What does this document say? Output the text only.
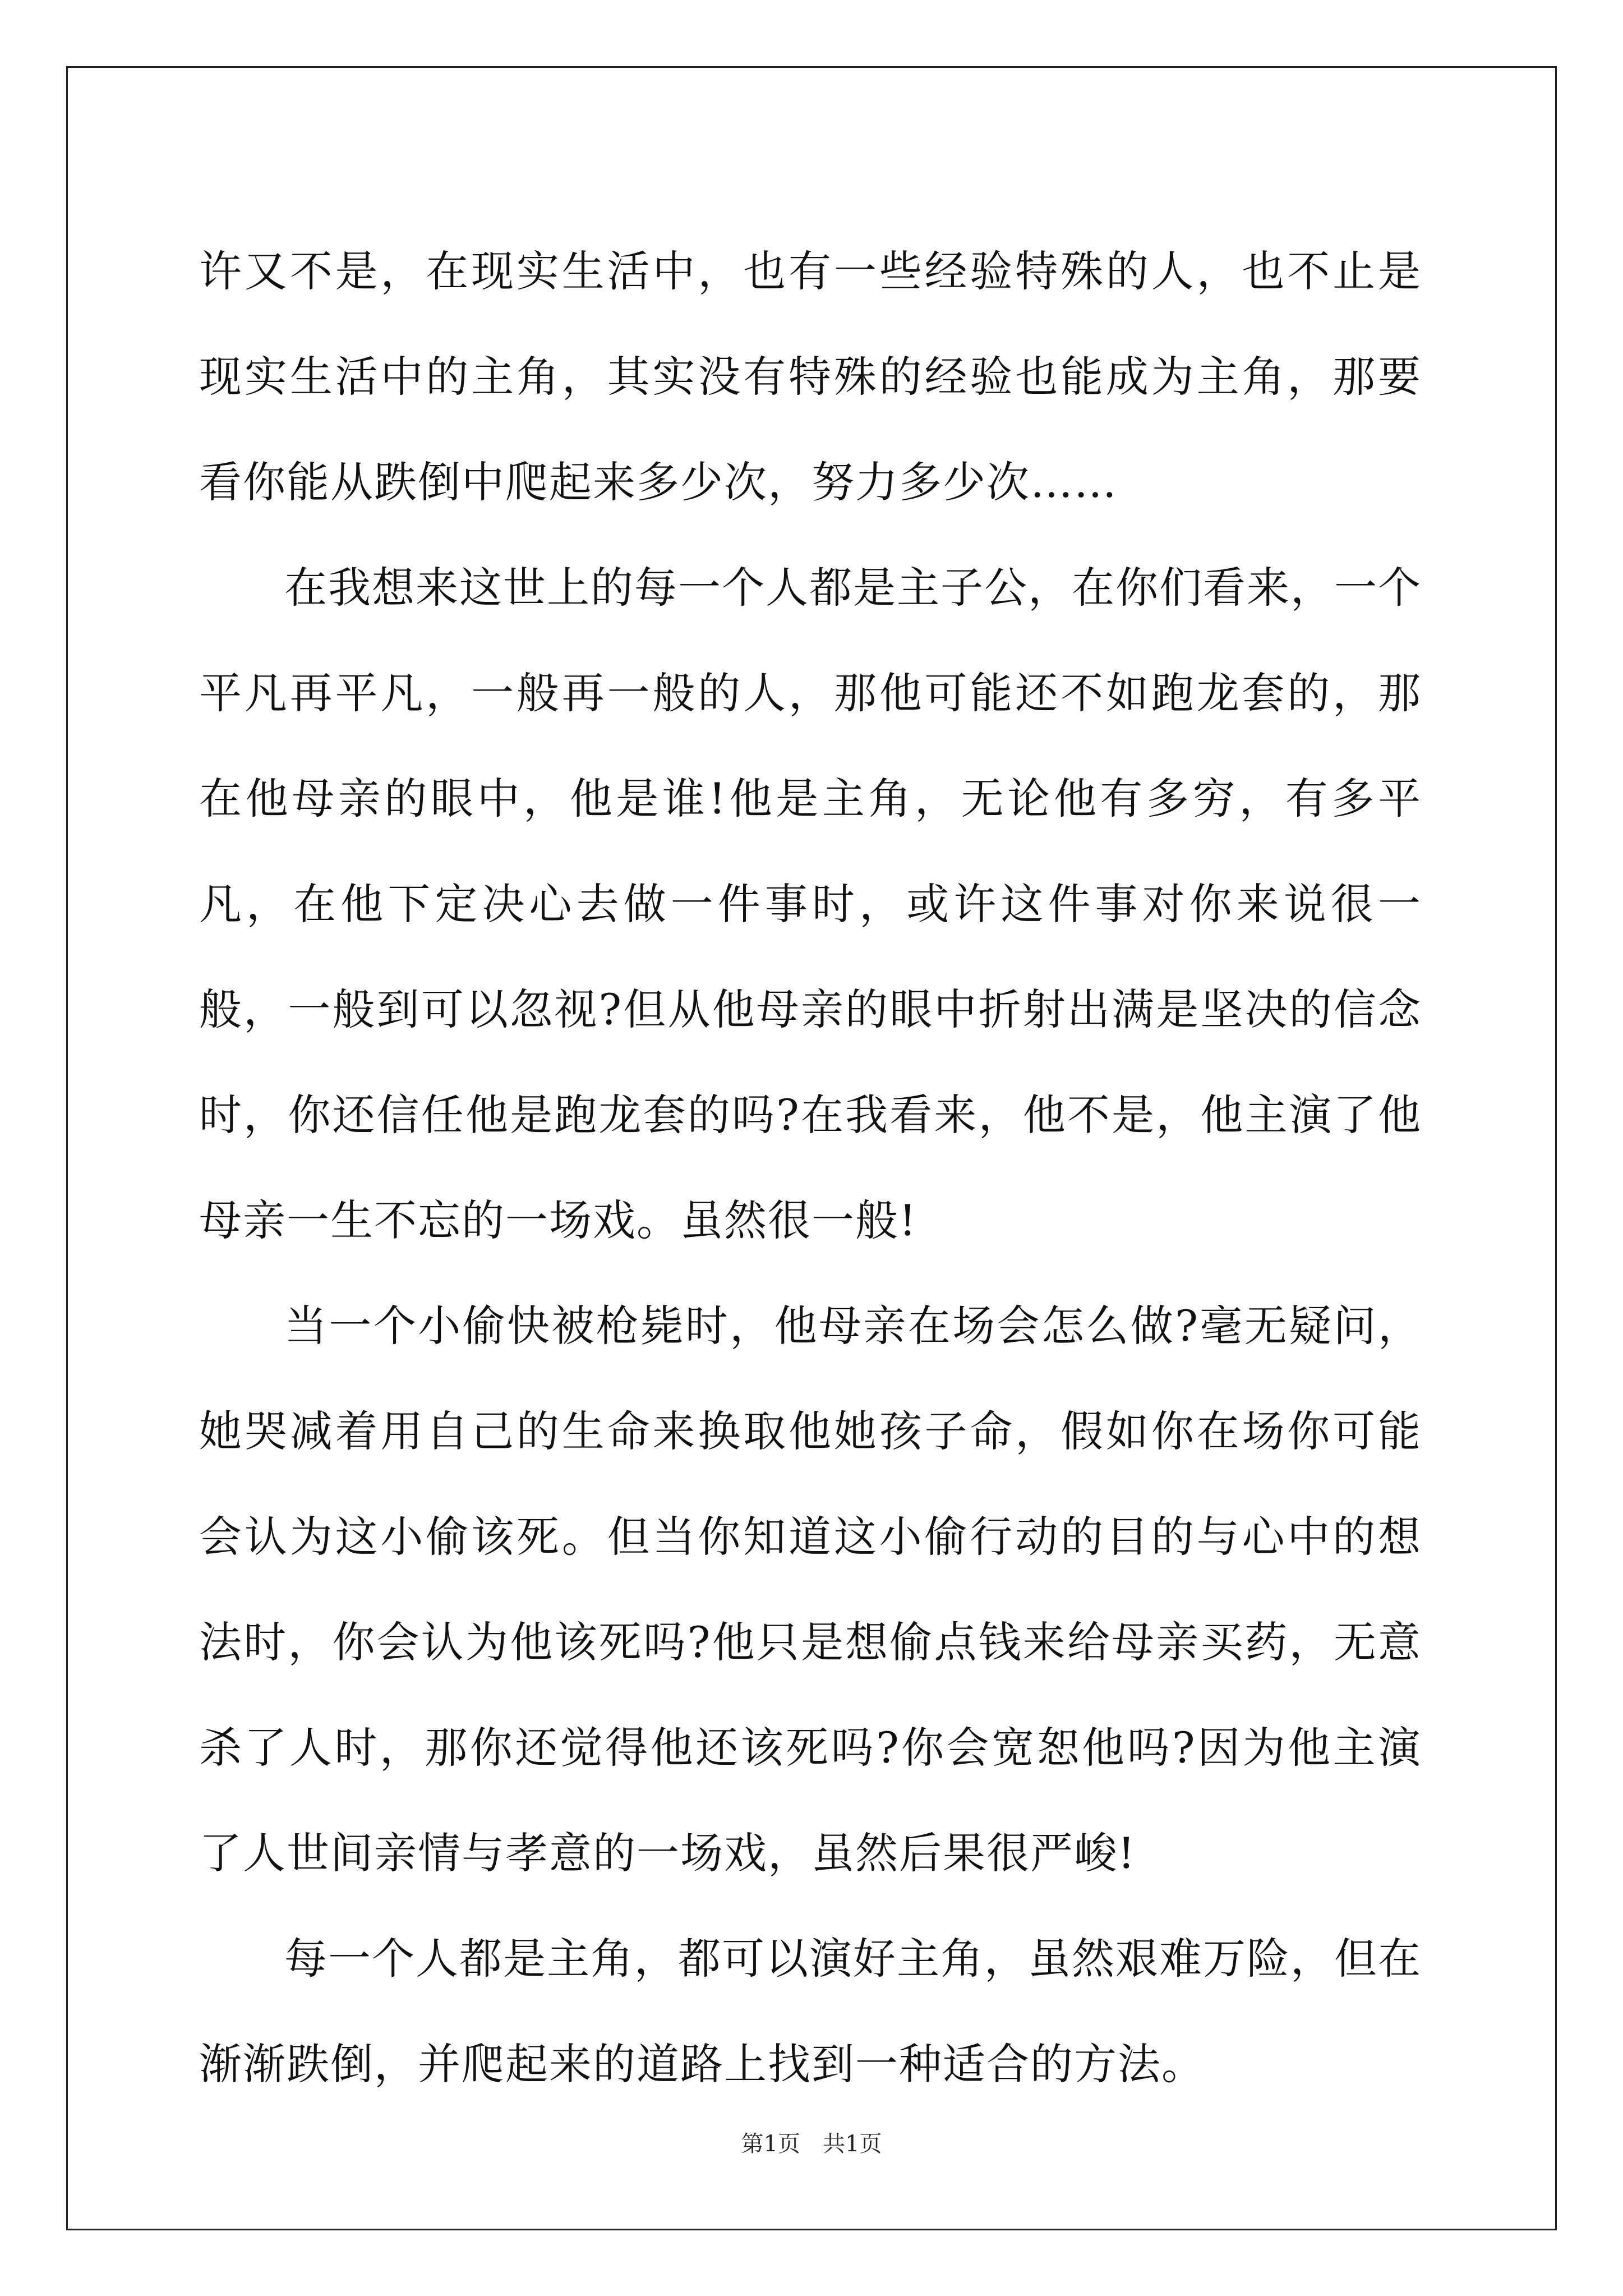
许又不是，在现实生活中，也有一些经验特殊的人，也不止是现实生活中的主角，其实没有特殊的经验也能成为主角，那要看你能从跌倒中爬起来多少次，努力多少次……

在我想来这世上的每一个人都是主子公，在你们看来，一个平凡再平凡，一般再一般的人，那他可能还不如跑龙套的，那在他母亲的眼中，他是谁!他是主角，无论他有多穷，有多平凡，在他下定决心去做一件事时，或许这件事对你来说很一般，一般到可以忽视?但从他母亲的眼中折射出满是坚决的信念时，你还信任他是跑龙套的吗?在我看来，他不是，他主演了他母亲一生不忘的一场戏。虽然很一般!

当一个小偷快被枪毙时，他母亲在场会怎么做?毫无疑问，她哭减着用自己的生命来换取他她孩子命，假如你在场你可能会认为这小偷该死。但当你知道这小偷行动的目的与心中的想法时，你会认为他该死吗?他只是想偷点钱来给母亲买药，无意杀了人时，那你还觉得他还该死吗?你会宽恕他吗?因为他主演了人世间亲情与孝意的一场戏，虽然后果很严峻!

每一个人都是主角，都可以演好主角，虽然艰难万险，但在渐渐跌倒，并爬起来的道路上找到一种适合的方法。

第1页　共1页
